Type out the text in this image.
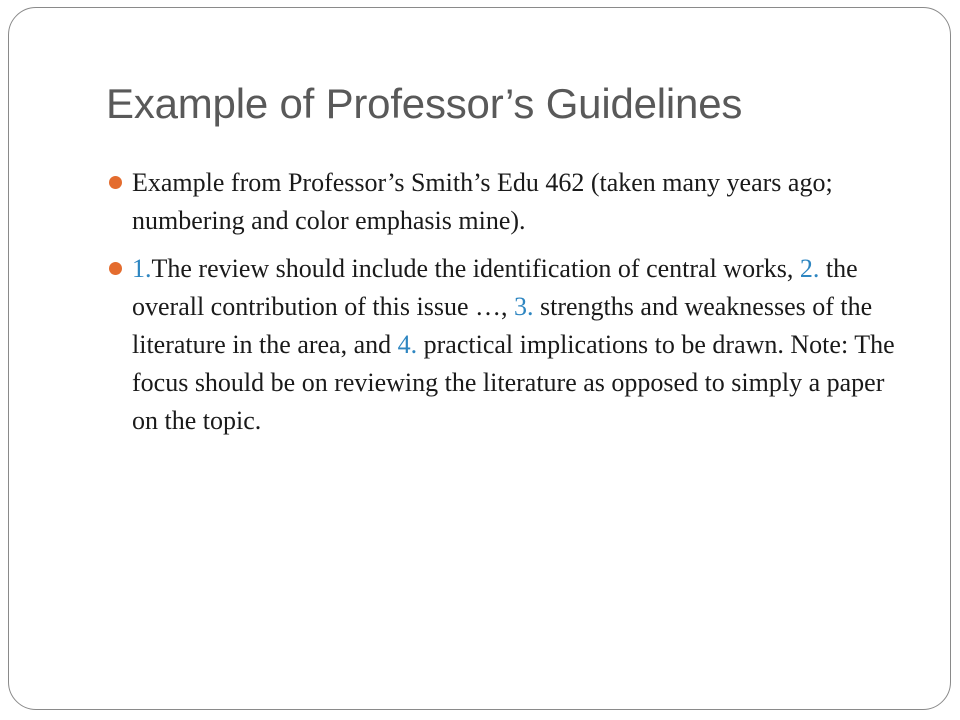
Example of Professor’s Guidelines
Example from Professor’s Smith’s Edu 462 (taken many years ago; numbering and color emphasis mine).
1.The review should include the identification of central works, 2. the overall contribution of this issue …, 3. strengths and weaknesses of the literature in the area, and 4. practical implications to be drawn. Note: The focus should be on reviewing the literature as opposed to simply a paper on the topic.
